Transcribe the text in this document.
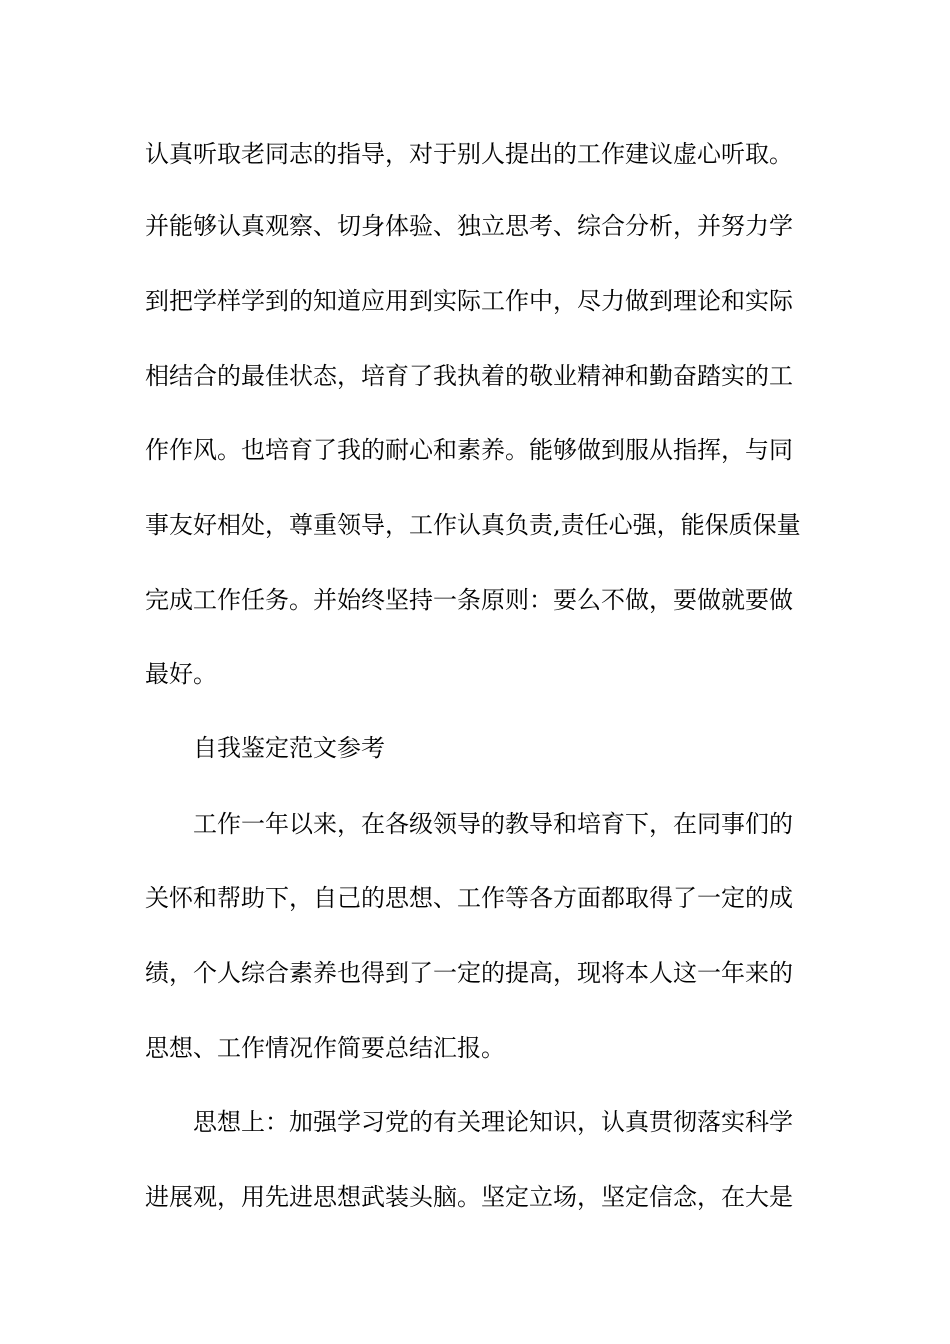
认真听取老同志的指导，对于别人提出的工作建议虚心听取。
并能够认真观察、切身体验、独立思考、综合分析，并努力学
到把学样学到的知道应用到实际工作中，尽力做到理论和实际
相结合的最佳状态，培育了我执着的敬业精神和勤奋踏实的工
作作风。也培育了我的耐心和素养。能够做到服从指挥，与同
事友好相处，尊重领导，工作认真负责,责任心强，能保质保量
完成工作任务。并始终坚持一条原则：要么不做，要做就要做
最好。
自我鉴定范文参考
工作一年以来，在各级领导的教导和培育下，在同事们的
关怀和帮助下，自己的思想、工作等各方面都取得了一定的成
绩，个人综合素养也得到了一定的提高，现将本人这一年来的
思想、工作情况作简要总结汇报。
思想上：加强学习党的有关理论知识，认真贯彻落实科学
进展观，用先进思想武装头脑。坚定立场，坚定信念，在大是
